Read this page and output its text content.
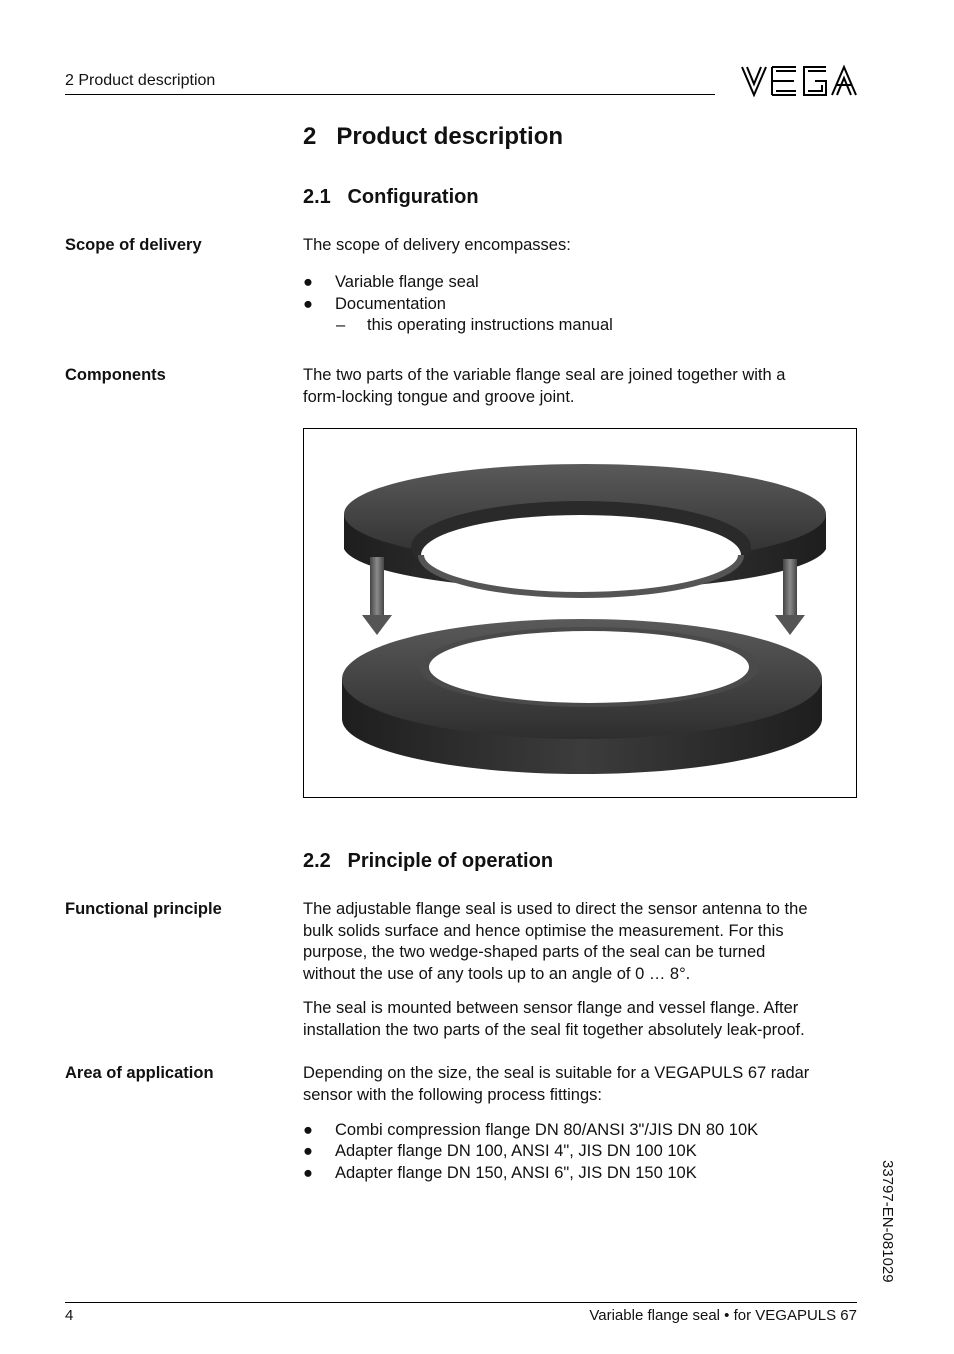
2 Product description
2   Product description
2.1   Configuration
Scope of delivery	The scope of delivery encompasses:
● Variable flange seal
● Documentation
– this operating instructions manual
Components	The two parts of the variable flange seal are joined together with a
form-locking tongue and groove joint.
2.2   Principle of operation
Functional principle	The adjustable flange seal is used to direct the sensor antenna to the
bulk solids surface and hence optimise the measurement. For this
purpose, the two wedge-shaped parts of the seal can be turned
without the use of any tools up to an angle of 0 … 8°.
The seal is mounted between sensor flange and vessel flange. After
installation the two parts of the seal fit together absolutely leak-proof.
Area of application	Depending on the size, the seal is suitable for a VEGAPULS 67 radar
sensor with the following process fittings:
● Combi compression flange DN 80/ANSI 3"/JIS DN 80 10K
● Adapter flange DN 100, ANSI 4", JIS DN 100 10K
● Adapter flange DN 150, ANSI 6", JIS DN 150 10K	33797-EN-081029
4	Variable flange seal • for VEGAPULS 67
